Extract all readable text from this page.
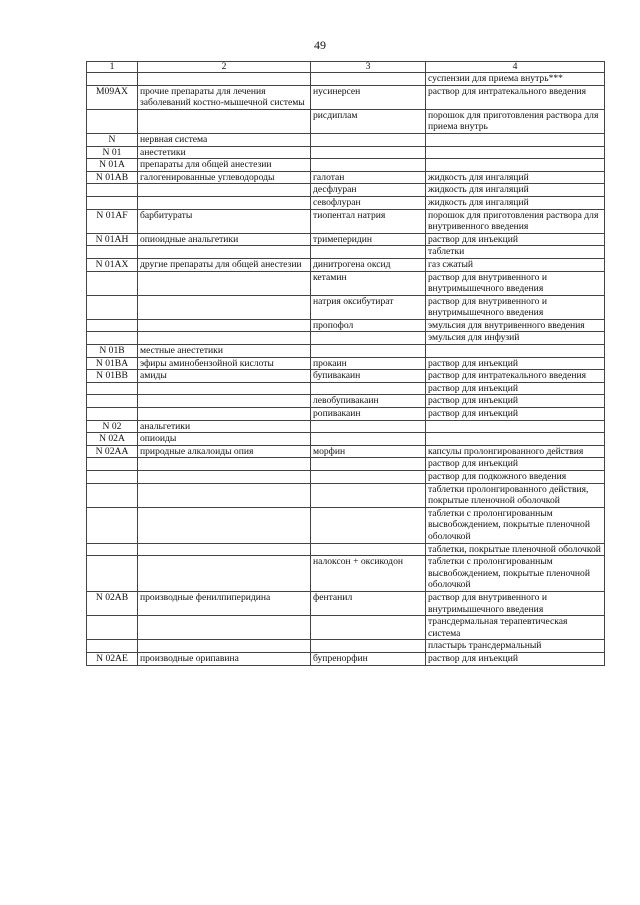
49
1	2	3	4
			суспензии для приема внутрь***
M09AX	прочие препараты для лечения заболеваний костно-мышечной системы	нусинерсен	раствор для интратекального введения
		рисдиплам	порошок для приготовления раствора для приема внутрь
N	нервная система		
N 01	анестетики		
N 01A	препараты для общей анестезии		
N 01AB	галогенированные углеводороды	галотан	жидкость для ингаляций
		десфлуран	жидкость для ингаляций
		севофлуран	жидкость для ингаляций
N 01AF	барбитураты	тиопентал натрия	порошок для приготовления раствора для внутривенного введения
N 01AH	опиоидные анальгетики	тримеперидин	раствор для инъекций
			таблетки
N 01AX	другие препараты для общей анестезии	динитрогена оксид	газ сжатый
		кетамин	раствор для внутривенного и внутримышечного введения
		натрия оксибутират	раствор для внутривенного и внутримышечного введения
		пропофол	эмульсия для внутривенного введения
			эмульсия для инфузий
N 01B	местные анестетики		
N 01BA	эфиры аминобензойной кислоты	прокаин	раствор для инъекций
N 01BB	амиды	бупивакаин	раствор для интратекального введения
			раствор для инъекций
		левобупивакаин	раствор для инъекций
		ропивакаин	раствор для инъекций
N 02	анальгетики		
N 02A	опиоиды		
N 02AA	природные алкалоиды опия	морфин	капсулы пролонгированного действия
			раствор для инъекций
			раствор для подкожного введения
			таблетки пролонгированного действия, покрытые пленочной оболочкой
			таблетки с пролонгированным высвобождением, покрытые пленочной оболочкой
			таблетки, покрытые пленочной оболочкой
		налоксон + оксикодон	таблетки с пролонгированным высвобождением, покрытые пленочной оболочкой
N 02AB	производные фенилпиперидина	фентанил	раствор для внутривенного и внутримышечного введения
			трансдермальная терапевтическая система
			пластырь трансдермальный
N 02AE	производные орипавина	бупренорфин	раствор для инъекций
